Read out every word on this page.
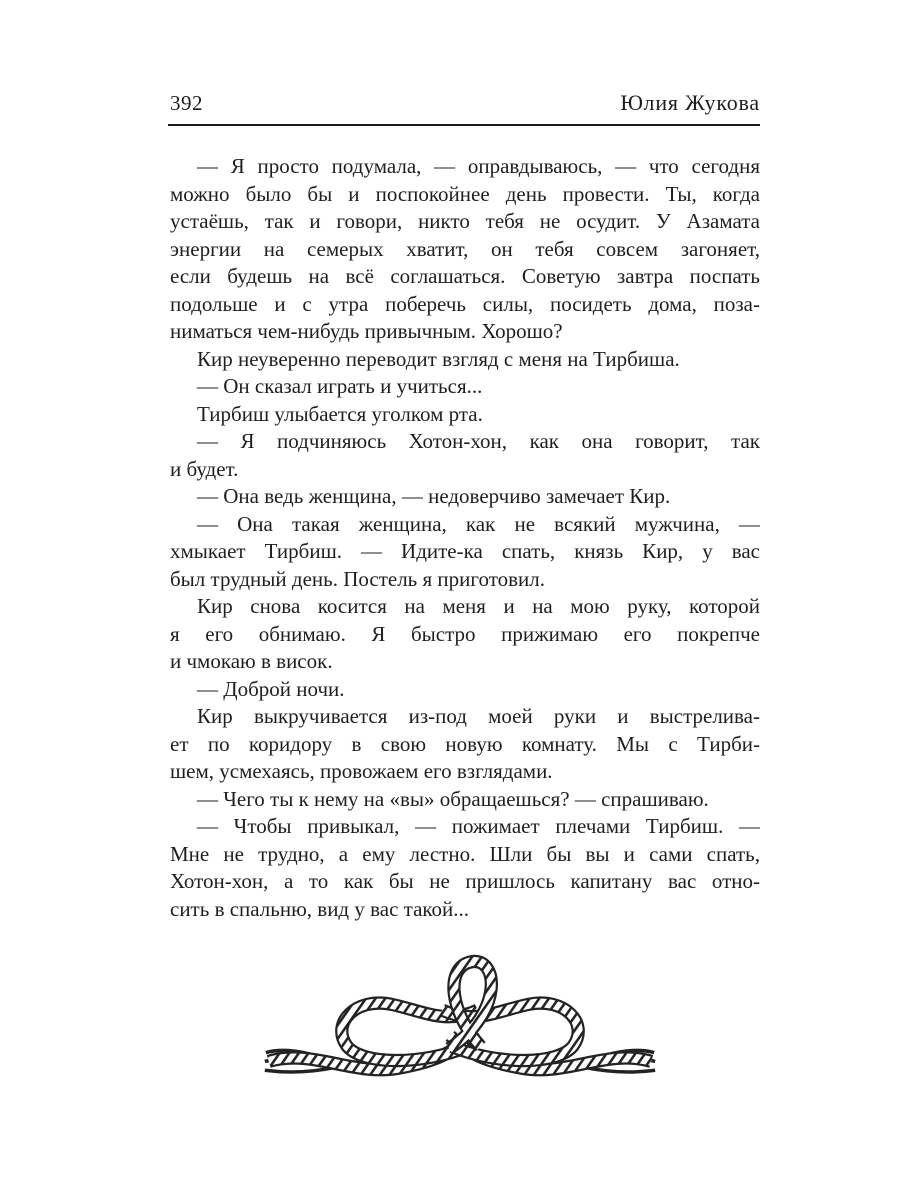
392	Юлия Жукова
— Я просто подумала, — оправдываюсь, — что сегодня
можно было бы и поспокойнее день провести. Ты, когда
устаёшь, так и говори, никто тебя не осудит. У Азамата
энергии на семерых хватит, он тебя совсем загоняет,
если будешь на всё соглашаться. Советую завтра поспать
подольше и с утра поберечь силы, посидеть дома, поза-
ниматься чем-нибудь привычным. Хорошо?
Кир неуверенно переводит взгляд с меня на Тирбиша.
— Он сказал играть и учиться...
Тирбиш улыбается уголком рта.
— Я подчиняюсь Хотон-хон, как она говорит, так
и будет.
— Она ведь женщина, — недоверчиво замечает Кир.
— Она такая женщина, как не всякий мужчина, —
хмыкает Тирбиш. — Идите-ка спать, князь Кир, у вас
был трудный день. Постель я приготовил.
Кир снова косится на меня и на мою руку, которой
я его обнимаю. Я быстро прижимаю его покрепче
и чмокаю в висок.
— Доброй ночи.
Кир выкручивается из-под моей руки и выстрелива-
ет по коридору в свою новую комнату. Мы с Тирби-
шем, усмехаясь, провожаем его взглядами.
— Чего ты к нему на «вы» обращаешься? — спрашиваю.
— Чтобы привыкал, — пожимает плечами Тирбиш. —
Мне не трудно, а ему лестно. Шли бы вы и сами спать,
Хотон-хон, а то как бы не пришлось капитану вас отно-
сить в спальню, вид у вас такой...
